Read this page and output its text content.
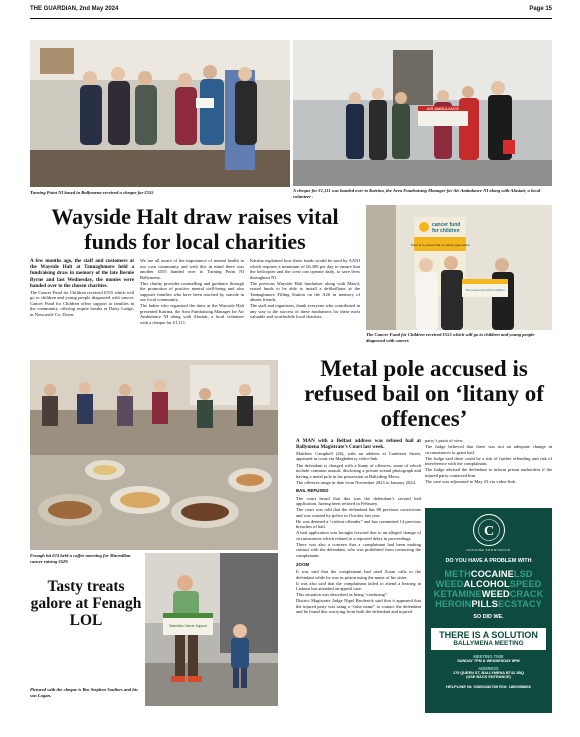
THE GUARDIAN, 2nd May 2024	Page 15
Turning Point NI based in Ballymena received a cheque for £555
AIR AMBULANCE
A cheque for £1,111 was handed over to Katrina, the Area Fundraising Manager for Air Ambulance NI along with Alastair, a local volunteer .
Wayside Halt draw raises vital funds for local charities

A few months ago, the staff and customers at the Wayside Halt at Tannaghmore held a fundraising draw in memory of the late Bernie Byrne and last Wednesday, the monies were handed over to the chosen charities.

The Cancer Fund for Children received £555 which will go to children and young people diagnosed with cancer. Cancer Fund for Children offers support to families in the community, offering respite breaks at Daisy Lodge, in Newcastle Co. Down.

We are all aware of the importance of mental health in our own community and with this in mind there was another £555 handed over to Turning Point NI Ballymena.

This charity provides counselling and guidance through the promotion of positive mental well-being and also supports families who have been touched by suicide in our local community.

The ladies who organised the draw at the Wayside Halt presented Katrina, the Area Fundraising Manager for Air Ambulance NI along with Alastair, a local volunteer with a cheque for £1,111.

Katrina explained how these funds would be used by AANI which requires a minimum of £6,300 per day to ensure that the helicopter and the crew can operate daily, to save lives throughout NI.

The previous Wayside Halt fundraiser along with Mazol, raised funds to be able to install a defibrillator at the Tannaghmore Filling Station on the A26 in memory of absent friends.

The staff and organisers, thank everyone who contributed in any way to the success of these fundraisers for these most valuable and worthwhile local charities.

cancer fund
for children
There is to ensure that no cancer goes alone
The Cancer Fund for Children
The Cancer Fund for Children received £555 which will go to children and young people diagnosed with cancer.
Fenagh hit 674 held a coffee morning for Macmillan cancer raising £629.
Tasty treats galore at Fenagh LOL	Macmillan Cancer Support
Pictured with the cheque is Bro Stephen Soulters and his son Logan.
Metal pole accused is refused bail on ‘litany of offences’

A MAN with a Belfast address was refused bail at Ballymena Magistrate’s Court last week.

Matthew Campbell (26), with an address at Camberst Street, appeared in court via Maghaberry video-link.

The defendant is charged with a litany of offences, some of which include common assault, disclosing a private sexual photograph and having a metal pole in his possession at Ballyding Mews.

The offences range in date from November 2023 to January 2024.

BAIL REFUSED

The court heard that this was the defendant’s second bail application, having been refused in February.

The court was told that the defendant has 88 previous convictions and was wanted by police in October last year.

He was deemed a “violent offender” and has committed 14 previous breaches of bail.

A bail application was brought forward due to an alleged change of circumstances which related to a reported delay in proceedings.

There was also a concern that a complainant had been making contact with the defendant, who was prohibited from contacting the complainant.

ZOOM

It was said that the complainant had used Zoom calls to the defendant while he was in prison using the name of his sister.

It was also said that the complainant failed to attend a hearing in Lisburn but attended an appeal case.

This situation was described as being “confusing”.

District Magistrate Judge Nigel Broderick said that it appeared that the injured party was using a “false name” to contact the defendant and he found this worrying from both the defendant and injured

party’s point of view.

The Judge believed that there was not an adequate change in circumstances to grant bail.

The Judge said there could be a risk of further offending and risk of interference with the complainant.

The Judge advised the defendant to inform prison authorities if the injured party contacted him.

The case was adjourned to May 23 via video-link.

C
COCAINE ANONYMOUS
DO YOU HAVE A PROBLEM WITH
METHCOCAINELSD
WEEDALCOHOLSPEED
KETAMINEWEEDCRACK
HEROINPILLSECSTACY
SO DID WE.
THERE IS A SOLUTION
BALLYMENA MEETING
MEETING TIME
SUNDAY 7PM & WEDNESDAY 8PM
ADDRESS
179 QUEEN ST, BALLYMENA BT42 2BQ
(USE BACK ENTRANCE)
HELPLINE NI: 03300432789 ROI: 1800998866
